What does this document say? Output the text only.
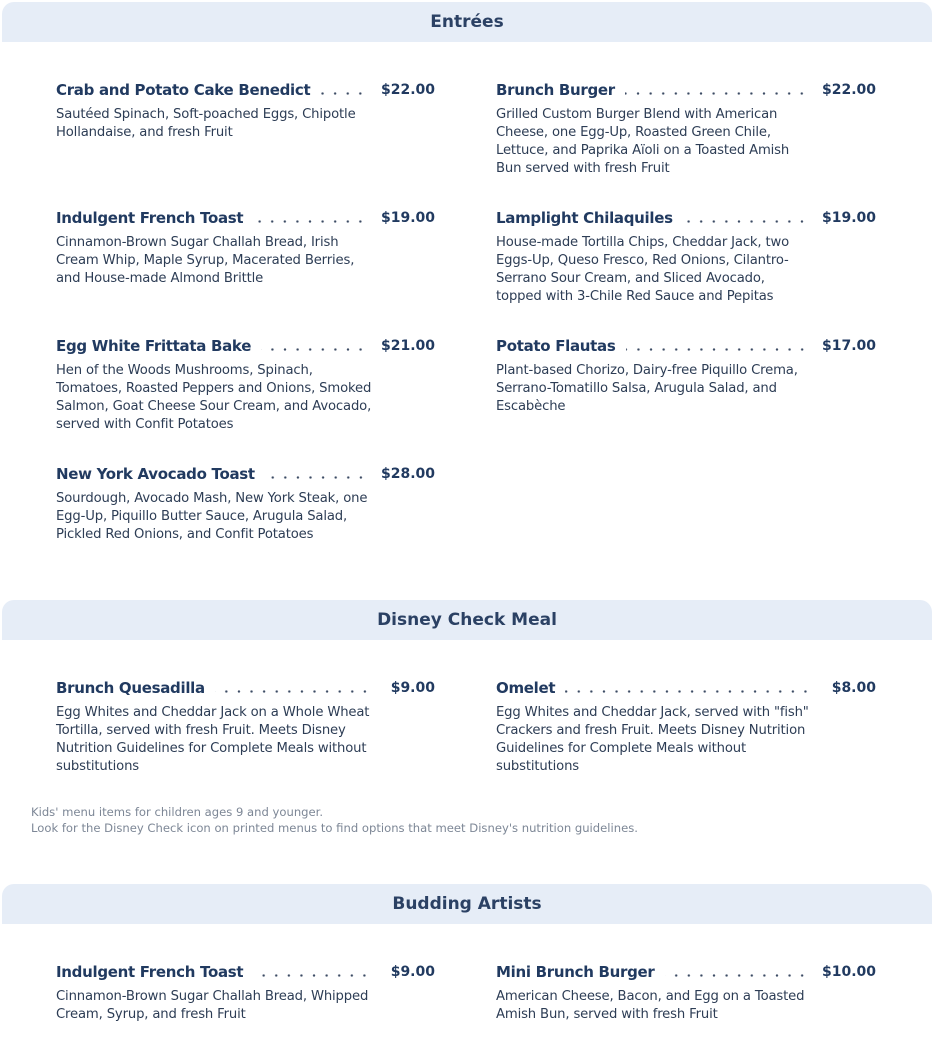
Entrées
Crab and Potato Cake Benedict	$22.00
Sautéed Spinach, Soft-poached Eggs, Chipotle Hollandaise, and fresh Fruit
Brunch Burger	$22.00
Grilled Custom Burger Blend with American Cheese, one Egg-Up, Roasted Green Chile, Lettuce, and Paprika Aïoli on a Toasted Amish Bun served with fresh Fruit
Indulgent French Toast	$19.00
Cinnamon-Brown Sugar Challah Bread, Irish Cream Whip, Maple Syrup, Macerated Berries, and House-made Almond Brittle
Lamplight Chilaquiles	$19.00
House-made Tortilla Chips, Cheddar Jack, two Eggs-Up, Queso Fresco, Red Onions, Cilantro-Serrano Sour Cream, and Sliced Avocado, topped with 3-Chile Red Sauce and Pepitas
Egg White Frittata Bake	$21.00
Hen of the Woods Mushrooms, Spinach, Tomatoes, Roasted Peppers and Onions, Smoked Salmon, Goat Cheese Sour Cream, and Avocado, served with Confit Potatoes
Potato Flautas	$17.00
Plant-based Chorizo, Dairy-free Piquillo Crema, Serrano-Tomatillo Salsa, Arugula Salad, and Escabèche
New York Avocado Toast	$28.00
Sourdough, Avocado Mash, New York Steak, one Egg-Up, Piquillo Butter Sauce, Arugula Salad, Pickled Red Onions, and Confit Potatoes
Disney Check Meal
Brunch Quesadilla	$9.00
Egg Whites and Cheddar Jack on a Whole Wheat Tortilla, served with fresh Fruit. Meets Disney Nutrition Guidelines for Complete Meals without substitutions
Omelet	$8.00
Egg Whites and Cheddar Jack, served with "fish" Crackers and fresh Fruit. Meets Disney Nutrition Guidelines for Complete Meals without substitutions
Kids' menu items for children ages 9 and younger.
Look for the Disney Check icon on printed menus to find options that meet Disney's nutrition guidelines.
Budding Artists
Indulgent French Toast	$9.00
Cinnamon-Brown Sugar Challah Bread, Whipped Cream, Syrup, and fresh Fruit
Mini Brunch Burger	$10.00
American Cheese, Bacon, and Egg on a Toasted Amish Bun, served with fresh Fruit
